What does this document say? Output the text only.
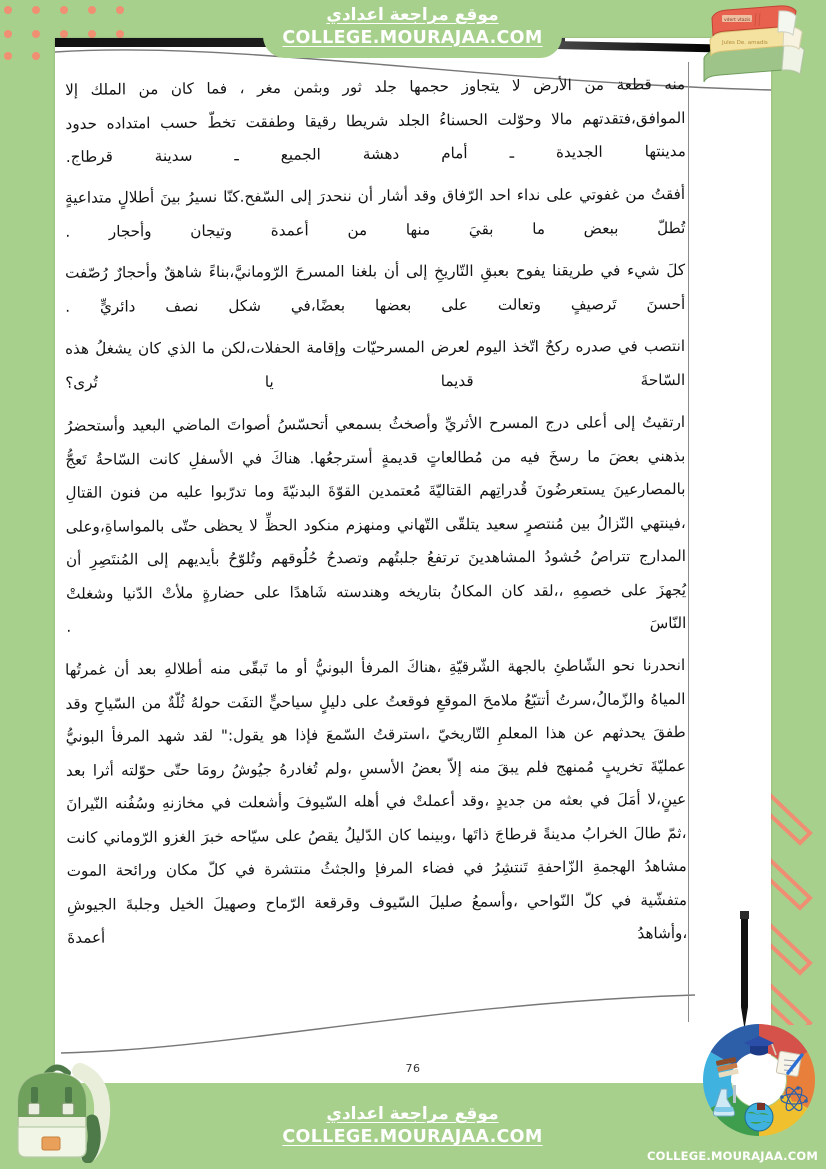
منه قطعة من الأرض لا يتجاوز حجمها جلد ثور وبثمن مغر ، فما كان من الملك إلا الموافق،فتقدتهم مالا وحوّلت الحسناءُ الجلد شريطا رقيقا وطفقت تخطّ حسب امتداده حدود مدينتها الجديدة ـ أمام دهشة الجميع ـ سدينة قرطاج.

أفقتُ من غفوتي على نداء احد الرّفاق وقد أشار أن ننحدرَ إلى السّفح.كنّا نسيرُ بينَ أطلالٍ متداعيةٍ تُطلّ ببعض ما بقيَ منها من أعمدة وتيجان وأحجار .

كلَ شيء في طريقنا يفوح بعبقِ التّاريخِ إلى أن بلغنا المسرحَ الرّومانيَّ،بناءً شاهقٌ وأحجارٌ رُصّفت أحسنَ تَرصيفٍ وتعالت على بعضها بعضًا،في شكل نصف دائريٍّ .

انتصب في صدره ركحٌ اتّخذ اليوم لعرض المسرحيّات وإقامة الحفلات،لكن ما الذي كان يشغلُ هذه السّاحةَ قديما يا تُرى؟

ارتقيتُ إلى أعلى درج المسرح الأثريِّ وأصخثُ بسمعي أتحسّسُ أصواتَ الماضي البعيد وأستحضرُ بذهني بعضَ ما رسخَ فيه من مُطالعاتٍ قديمةٍ أسترجعُها. هناكَ في الأسفلِ كانت السّاحةُ تَعجُّ بالمصارعينَ يستعرضُونَ قُدراتِهم القتاليّةَ مُعتمدين القوّةَ البدنيّةَ وما تدرّبوا عليه من فنون القتالِ ،فينتهي النّزالُ بين مُنتصرٍ سعيد يتلقّى التّهاني ومنهزم منكود الحظِّ لا يحظى حتّى بالمواساةِ،وعلى المدارج تتراصُ حُشودُ المشاهدينَ ترتفعُ جلبتُهم وتصدحُ حُلُوقهم وتُلوّحُ بأيديهم إلى المُنتَصِرِ أن يُجهزَ على خصمِهِ ،،لقد كان المكانُ بتاريخه وهندسته شَاهدًا على حضارةٍ ملأتْ الدّنيا وشغلتْ النّاسَ .

انحدرنا نحو الشّاطئِ بالجهة الشّرقيّةِ ،هناكَ المرفأ البونيُّ أو ما تَبقّى منه أطلالهِ بعد أن غمرتُها المياهُ والزّمالُ،سرتُ أتتبّعُ ملامحَ الموقعِ فوقعتُ على دليلٍ سياحيٍّ التفَت حولهُ ثُلّةٌ من السّياحِ وقد طفقَ يحدثهم عن هذا المعلمِ التّاريخيّ ،استرقتُ السّمعَ فإذا هو يقول:" لقد شهد المرفأ البونيُّ عمليّةَ تخريبٍ مُمنهج فلم يبقَ منه إلاّ بعضُ الأسسِ ،ولم تُغادرهُ جيُوشُ رومَا حتّى حوّلته أثرا بعد عينٍ،لا أمَلَ في بعثه من جديدٍ ،وقد أعملتْ في أهله السّيوفَ وأشعلت في مخازنهِ وسُفُنه النّيرانَ ،ثمّ طالَ الخرابُ مدينةً قرطاجَ ذاتَها ،وبينما كان الدّليلُ يقصُ على سيّاحه خبرَ الغزو الرّوماني كانت مشاهدُ الهجمةِ الزّاحفةِ تَنتشِرُ في فضاء المرفإ والجثثُ منتشرة في كلّ مكان ورائحة الموت متفشّية في كلّ النّواحي ،وأسمعُ صليلَ السّيوف وقرقعة الرّماح وصهيلَ الخيل وجلبةَ الجيوشِ ،وأشاهدُ أعمدةَ

76
موقع مراجعة اعدادي
COLLEGE.MOURAJAA.COM
موقع مراجعة اعدادي
COLLEGE.MOURAJAA.COM
COLLEGE.MOURAJAA.COM
Jules De. amadis
vdert vtazis.
